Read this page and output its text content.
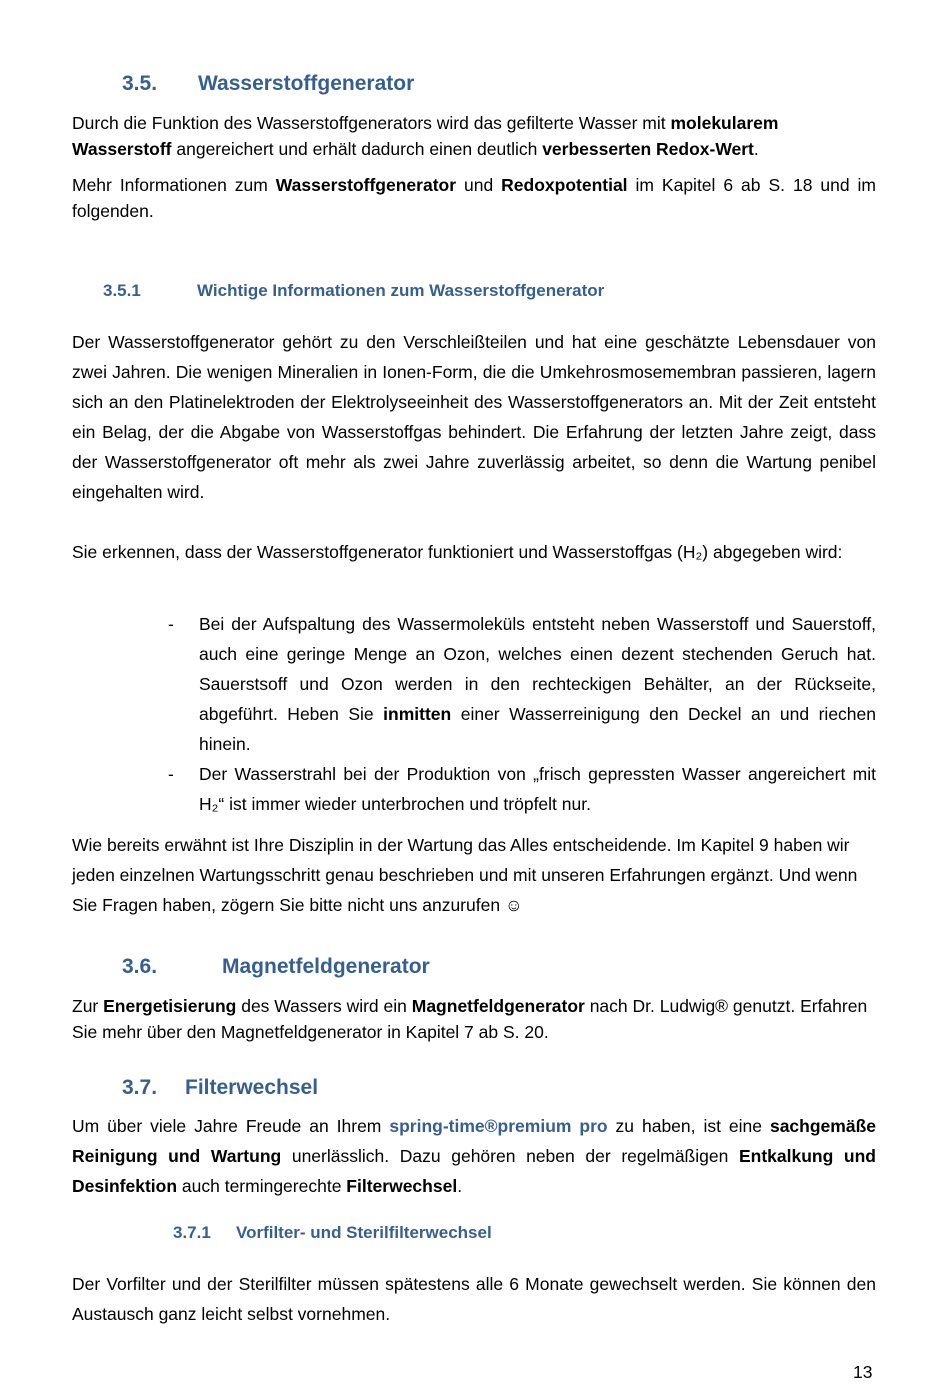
3.5. Wasserstoffgenerator

Durch die Funktion des Wasserstoffgenerators wird das gefilterte Wasser mit molekularem Wasserstoff angereichert und erhält dadurch einen deutlich verbesserten Redox-Wert.

Mehr Informationen zum Wasserstoffgenerator und Redoxpotential im Kapitel 6 ab S. 18 und im folgenden.

3.5.1	Wichtige Informationen zum Wasserstoffgenerator

Der Wasserstoffgenerator gehört zu den Verschleißteilen und hat eine geschätzte Lebensdauer von zwei Jahren. Die wenigen Mineralien in Ionen-Form, die die Umkehrosmosemembran passieren, lagern sich an den Platinelektroden der Elektrolyseeinheit des Wasserstoffgenerators an. Mit der Zeit entsteht ein Belag, der die Abgabe von Wasserstoffgas behindert. Die Erfahrung der letzten Jahre zeigt, dass der Wasserstoffgenerator oft mehr als zwei Jahre zuverlässig arbeitet, so denn die Wartung penibel eingehalten wird.

Sie erkennen, dass der Wasserstoffgenerator funktioniert und Wasserstoffgas (H₂) abgegeben wird:

- Bei der Aufspaltung des Wassermoleküls entsteht neben Wasserstoff und Sauerstoff, auch eine geringe Menge an Ozon, welches einen dezent stechenden Geruch hat. Sauerstsoff und Ozon werden in den rechteckigen Behälter, an der Rückseite, abgeführt. Heben Sie inmitten einer Wasserreinigung den Deckel an und riechen hinein.
- Der Wasserstrahl bei der Produktion von „frisch gepressten Wasser angereichert mit H₂“ ist immer wieder unterbrochen und tröpfelt nur.

Wie bereits erwähnt ist Ihre Disziplin in der Wartung das Alles entscheidende. Im Kapitel 9 haben wir jeden einzelnen Wartungsschritt genau beschrieben und mit unseren Erfahrungen ergänzt. Und wenn Sie Fragen haben, zögern Sie bitte nicht uns anzurufen ☺

3.6.	Magnetfeldgenerator

Zur Energetisierung des Wassers wird ein Magnetfeldgenerator nach Dr. Ludwig® genutzt. Erfahren Sie mehr über den Magnetfeldgenerator in Kapitel 7 ab S. 20.

3.7. Filterwechsel

Um über viele Jahre Freude an Ihrem spring-time®premium pro zu haben, ist eine sachgemäße Reinigung und Wartung unerlässlich. Dazu gehören neben der regelmäßigen Entkalkung und Desinfektion auch termingerechte Filterwechsel.

3.7.1 Vorfilter- und Sterilfilterwechsel

Der Vorfilter und der Sterilfilter müssen spätestens alle 6 Monate gewechselt werden. Sie können den Austausch ganz leicht selbst vornehmen.

13
